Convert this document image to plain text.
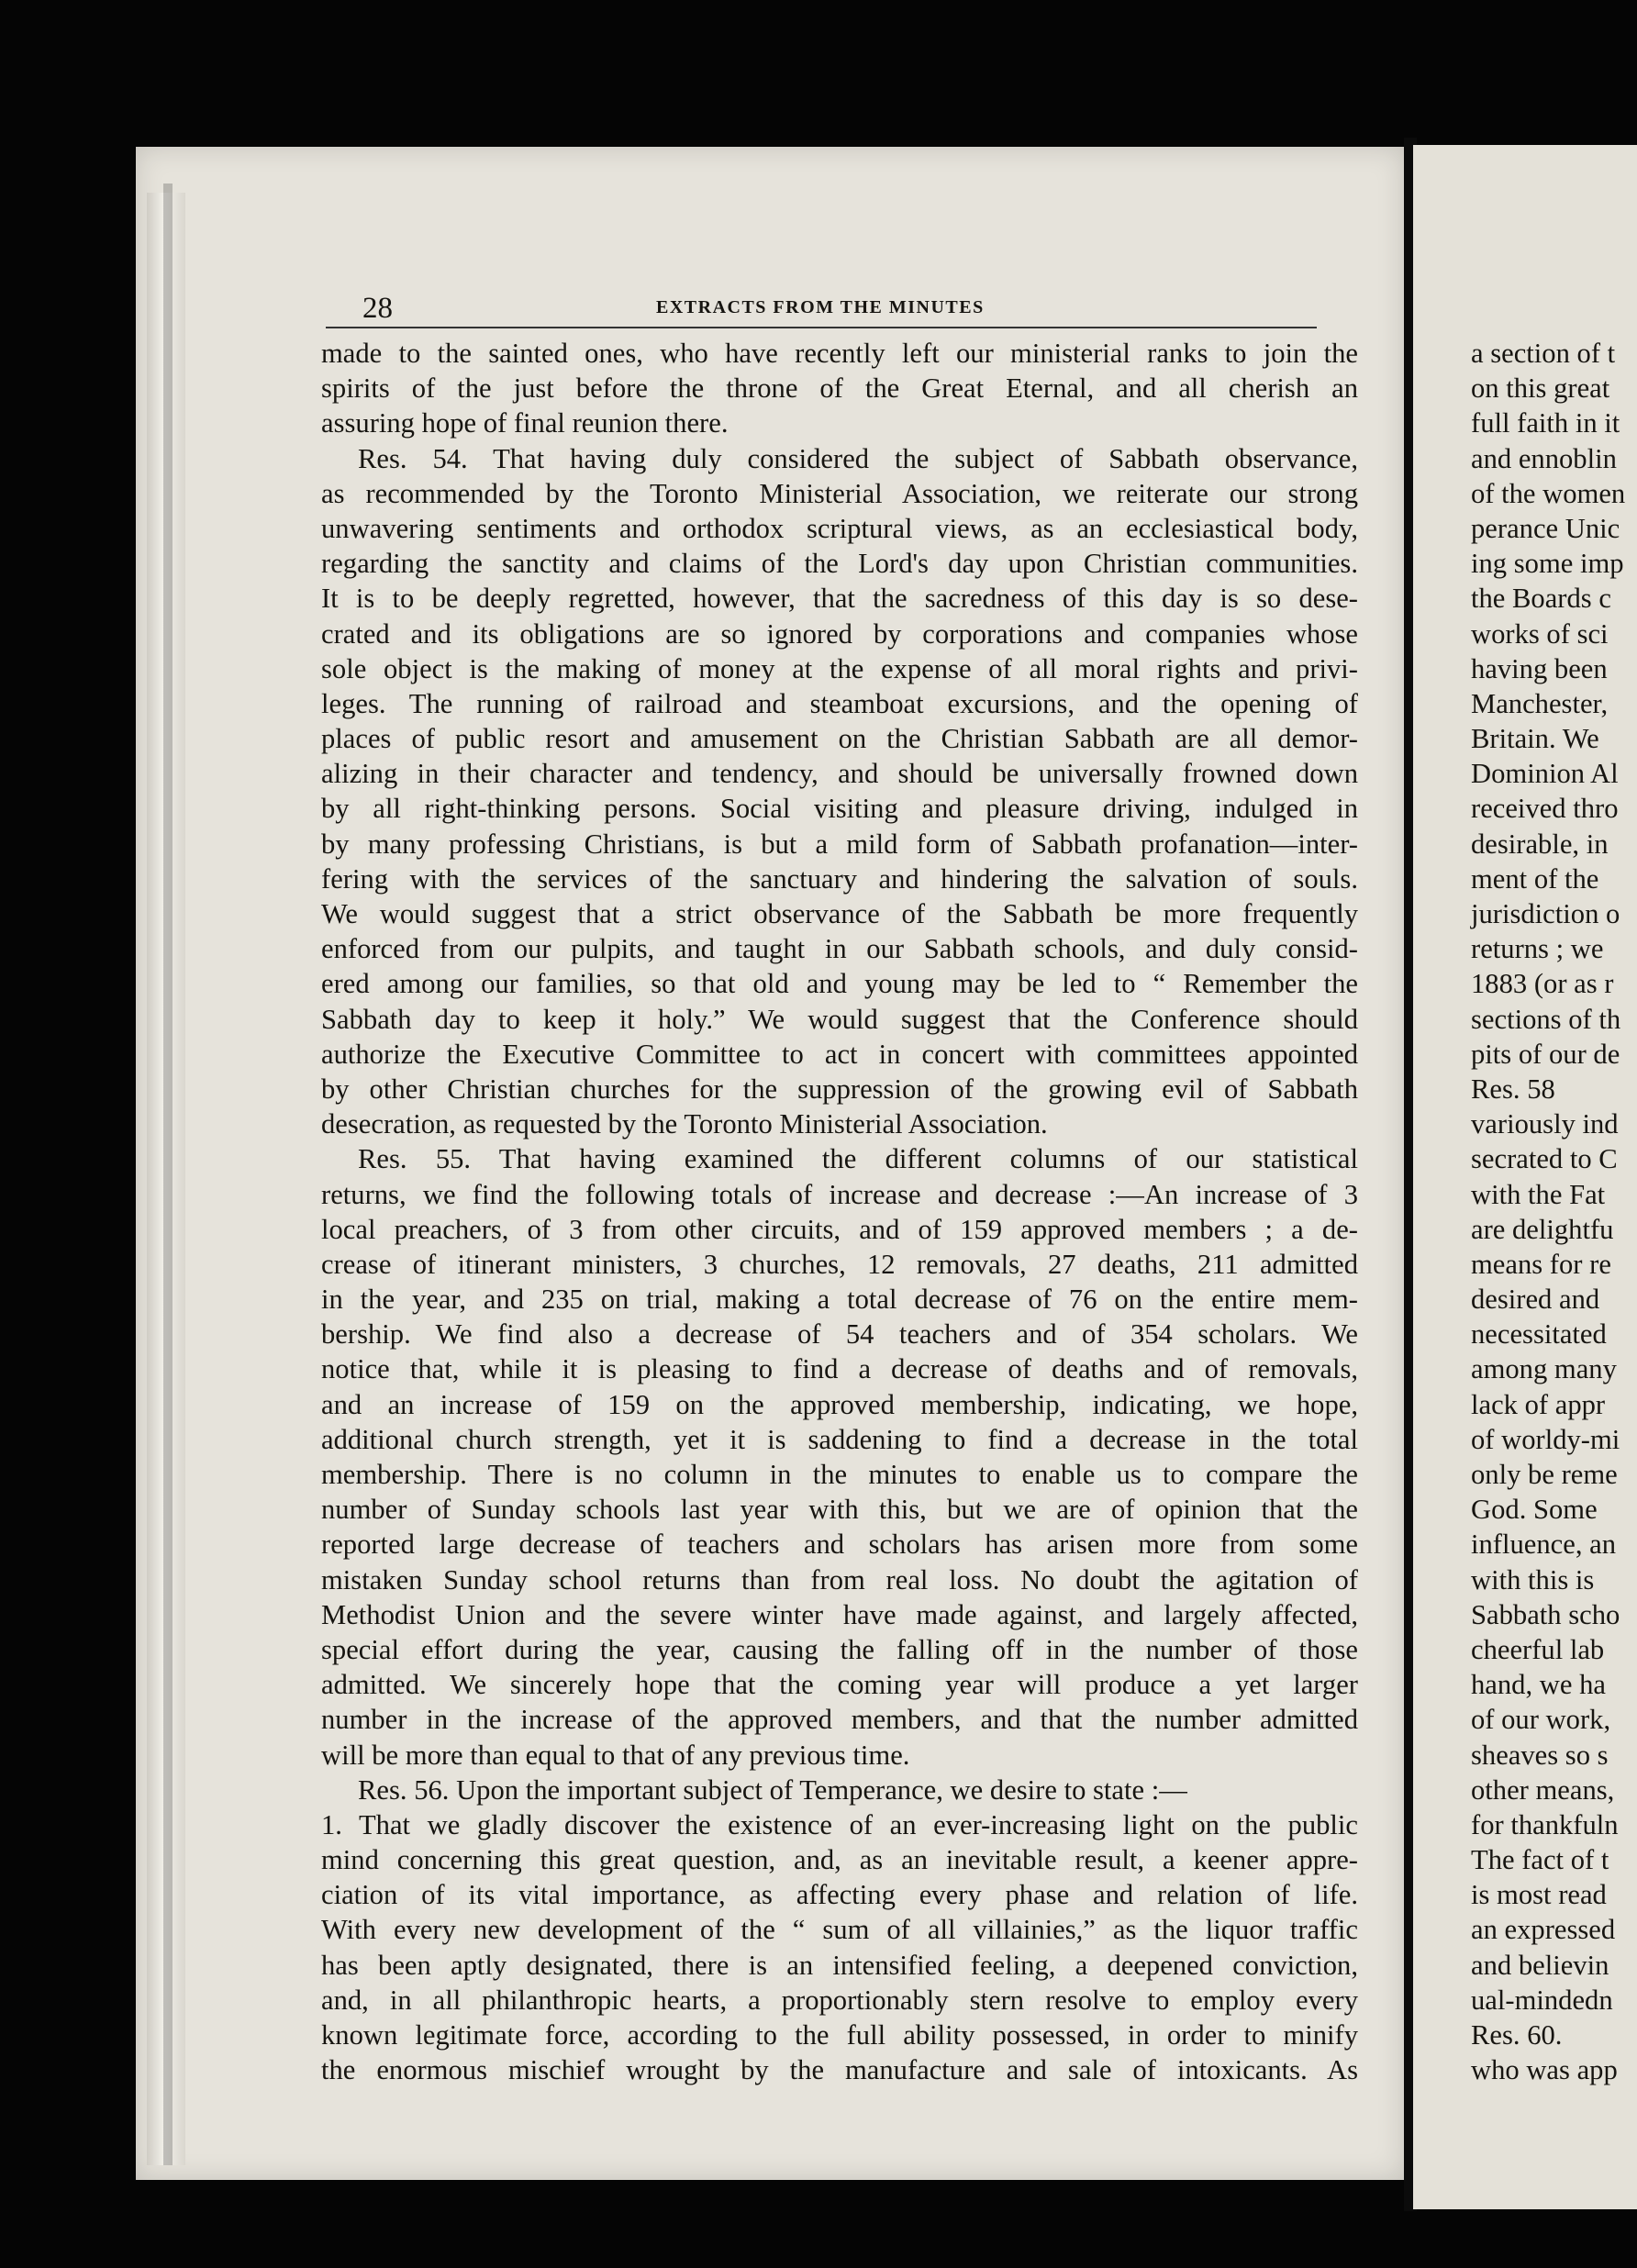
28	EXTRACTS FROM THE MINUTES
made to the sainted ones, who have recently left our ministerial ranks to join the
spirits of the just before the throne of the Great Eternal, and all cherish an
assuring hope of final reunion there.
Res. 54. That having duly considered the subject of Sabbath observance,
as recommended by the Toronto Ministerial Association, we reiterate our strong
unwavering sentiments and orthodox scriptural views, as an ecclesiastical body,
regarding the sanctity and claims of the Lord's day upon Christian communities.
It is to be deeply regretted, however, that the sacredness of this day is so dese-
crated and its obligations are so ignored by corporations and companies whose
sole object is the making of money at the expense of all moral rights and privi-
leges. The running of railroad and steamboat excursions, and the opening of
places of public resort and amusement on the Christian Sabbath are all demor-
alizing in their character and tendency, and should be universally frowned down
by all right-thinking persons. Social visiting and pleasure driving, indulged in
by many professing Christians, is but a mild form of Sabbath profanation—inter-
fering with the services of the sanctuary and hindering the salvation of souls.
We would suggest that a strict observance of the Sabbath be more frequently
enforced from our pulpits, and taught in our Sabbath schools, and duly consid-
ered among our families, so that old and young may be led to “ Remember the
Sabbath day to keep it holy.” We would suggest that the Conference should
authorize the Executive Committee to act in concert with committees appointed
by other Christian churches for the suppression of the growing evil of Sabbath
desecration, as requested by the Toronto Ministerial Association.
Res. 55. That having examined the different columns of our statistical
returns, we find the following totals of increase and decrease :—An increase of 3
local preachers, of 3 from other circuits, and of 159 approved members ; a de-
crease of itinerant ministers, 3 churches, 12 removals, 27 deaths, 211 admitted
in the year, and 235 on trial, making a total decrease of 76 on the entire mem-
bership. We find also a decrease of 54 teachers and of 354 scholars. We
notice that, while it is pleasing to find a decrease of deaths and of removals,
and an increase of 159 on the approved membership, indicating, we hope,
additional church strength, yet it is saddening to find a decrease in the total
membership. There is no column in the minutes to enable us to compare the
number of Sunday schools last year with this, but we are of opinion that the
reported large decrease of teachers and scholars has arisen more from some
mistaken Sunday school returns than from real loss. No doubt the agitation of
Methodist Union and the severe winter have made against, and largely affected,
special effort during the year, causing the falling off in the number of those
admitted. We sincerely hope that the coming year will produce a yet larger
number in the increase of the approved members, and that the number admitted
will be more than equal to that of any previous time.
Res. 56. Upon the important subject of Temperance, we desire to state :—
1. That we gladly discover the existence of an ever-increasing light on the public
mind concerning this great question, and, as an inevitable result, a keener appre-
ciation of its vital importance, as affecting every phase and relation of life.
With every new development of the “ sum of all villainies,” as the liquor traffic
has been aptly designated, there is an intensified feeling, a deepened conviction,
and, in all philanthropic hearts, a proportionably stern resolve to employ every
known legitimate force, according to the full ability possessed, in order to minify
the enormous mischief wrought by the manufacture and sale of intoxicants. As
a section of t
on this great
full faith in it
and ennoblin
of the women
perance Unic
ing some imp
the Boards c
works of sci
having been
Manchester,
Britain. We
Dominion Al
received thro
desirable, in
ment of the
jurisdiction o
returns ; we
1883 (or as r
sections of th
pits of our de
Res. 58
variously ind
secrated to C
with the Fat
are delightfu
means for re
desired and
necessitated
among many
lack of appr
of worldy-mi
only be reme
God. Some
influence, an
with this is
Sabbath scho
cheerful lab
hand, we ha
of our work,
sheaves so s
other means,
for thankfuln
The fact of t
is most read
an expressed
and believin
ual-mindedn
Res. 60.
who was app
